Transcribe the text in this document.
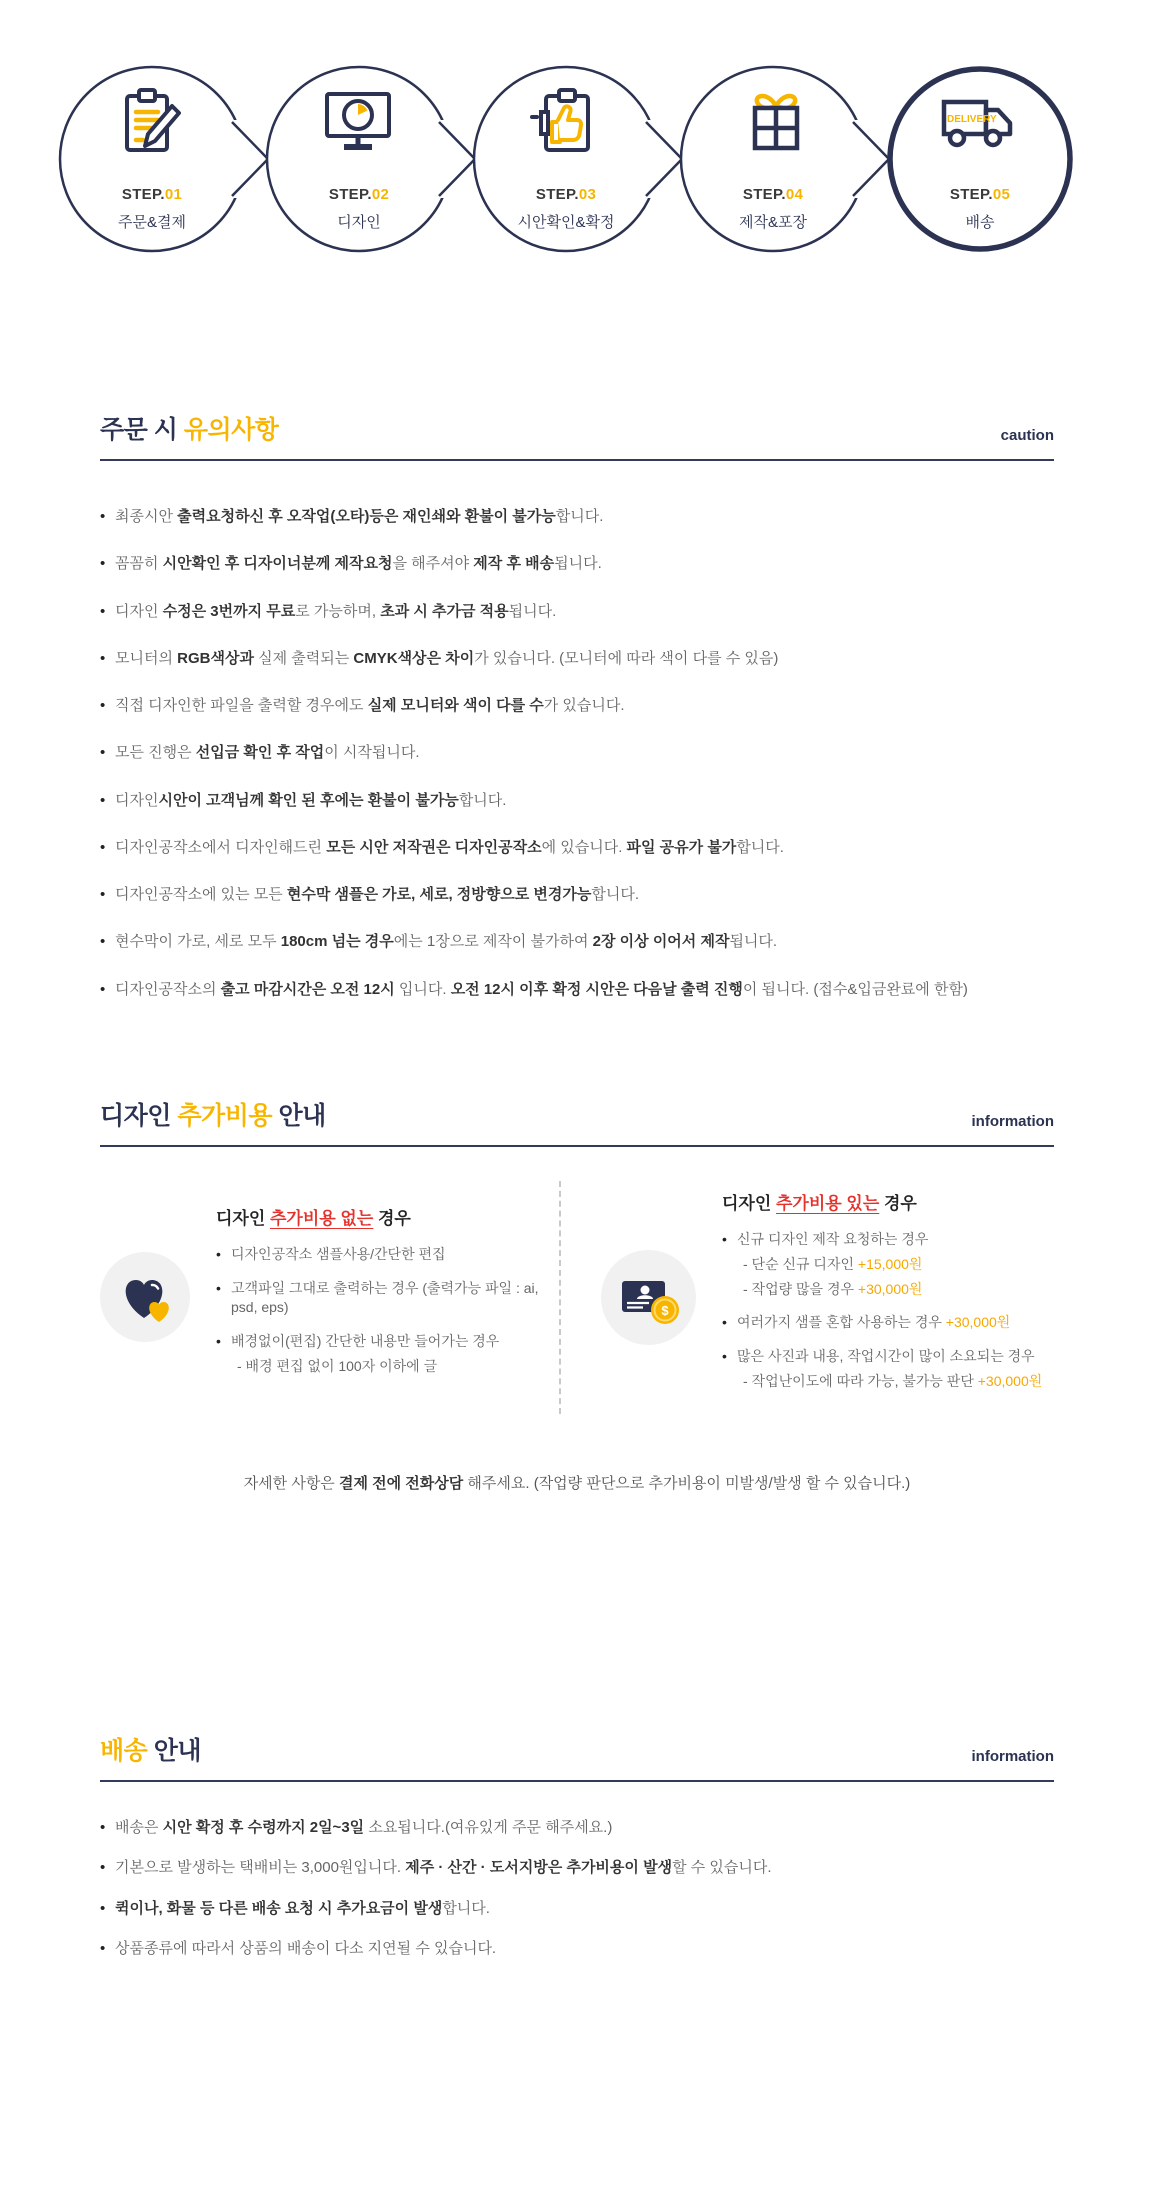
STEP.01
주문&결제
STEP.02
디자인
STEP.03
시안확인&확정
STEP.04
제작&포장
DELIVERY
STEP.05
배송
주문 시 유의사항	caution
• 최종시안 출력요청하신 후 오작업(오타)등은 재인쇄와 환불이 불가능합니다.
• 꼼꼼히 시안확인 후 디자이너분께 제작요청을 해주셔야 제작 후 배송됩니다.
• 디자인 수정은 3번까지 무료로 가능하며, 초과 시 추가금 적용됩니다.
• 모니터의 RGB색상과 실제 출력되는 CMYK색상은 차이가 있습니다. (모니터에 따라 색이 다를 수 있음)
• 직접 디자인한 파일을 출력할 경우에도 실제 모니터와 색이 다를 수가 있습니다.
• 모든 진행은 선입금 확인 후 작업이 시작됩니다.
• 디자인시안이 고객님께 확인 된 후에는 환불이 불가능합니다.
• 디자인공작소에서 디자인해드린 모든 시안 저작권은 디자인공작소에 있습니다. 파일 공유가 불가합니다.
• 디자인공작소에 있는 모든 현수막 샘플은 가로, 세로, 정방향으로 변경가능합니다.
• 현수막이 가로, 세로 모두 180cm 넘는 경우에는 1장으로 제작이 불가하여 2장 이상 이어서 제작됩니다.
• 디자인공작소의 출고 마감시간은 오전 12시 입니다. 오전 12시 이후 확정 시안은 다음날 출력 진행이 됩니다. (접수&입금완료에 한함)
디자인 추가비용 안내	information
디자인 추가비용 없는 경우
• 디자인공작소 샘플사용/간단한 편집
• 고객파일 그대로 출력하는 경우 (출력가능 파일 : ai, psd, eps)
• 배경없이(편집) 간단한 내용만 들어가는 경우
- 배경 편집 없이 100자 이하에 글
$
디자인 추가비용 있는 경우
• 신규 디자인 제작 요청하는 경우
- 단순 신규 디자인 +15,000원
- 작업량 많을 경우 +30,000원
• 여러가지 샘플 혼합 사용하는 경우 +30,000원
• 많은 사진과 내용, 작업시간이 많이 소요되는 경우
- 작업난이도에 따라 가능, 불가능 판단 +30,000원
자세한 사항은 결제 전에 전화상담 해주세요. (작업량 판단으로 추가비용이 미발생/발생 할 수 있습니다.)
배송 안내	information
• 배송은 시안 확정 후 수령까지 2일~3일 소요됩니다.(여유있게 주문 해주세요.)
• 기본으로 발생하는 택배비는 3,000원입니다. 제주 · 산간 · 도서지방은 추가비용이 발생할 수 있습니다.
• 퀵이나, 화물 등 다른 배송 요청 시 추가요금이 발생합니다.
• 상품종류에 따라서 상품의 배송이 다소 지연될 수 있습니다.
